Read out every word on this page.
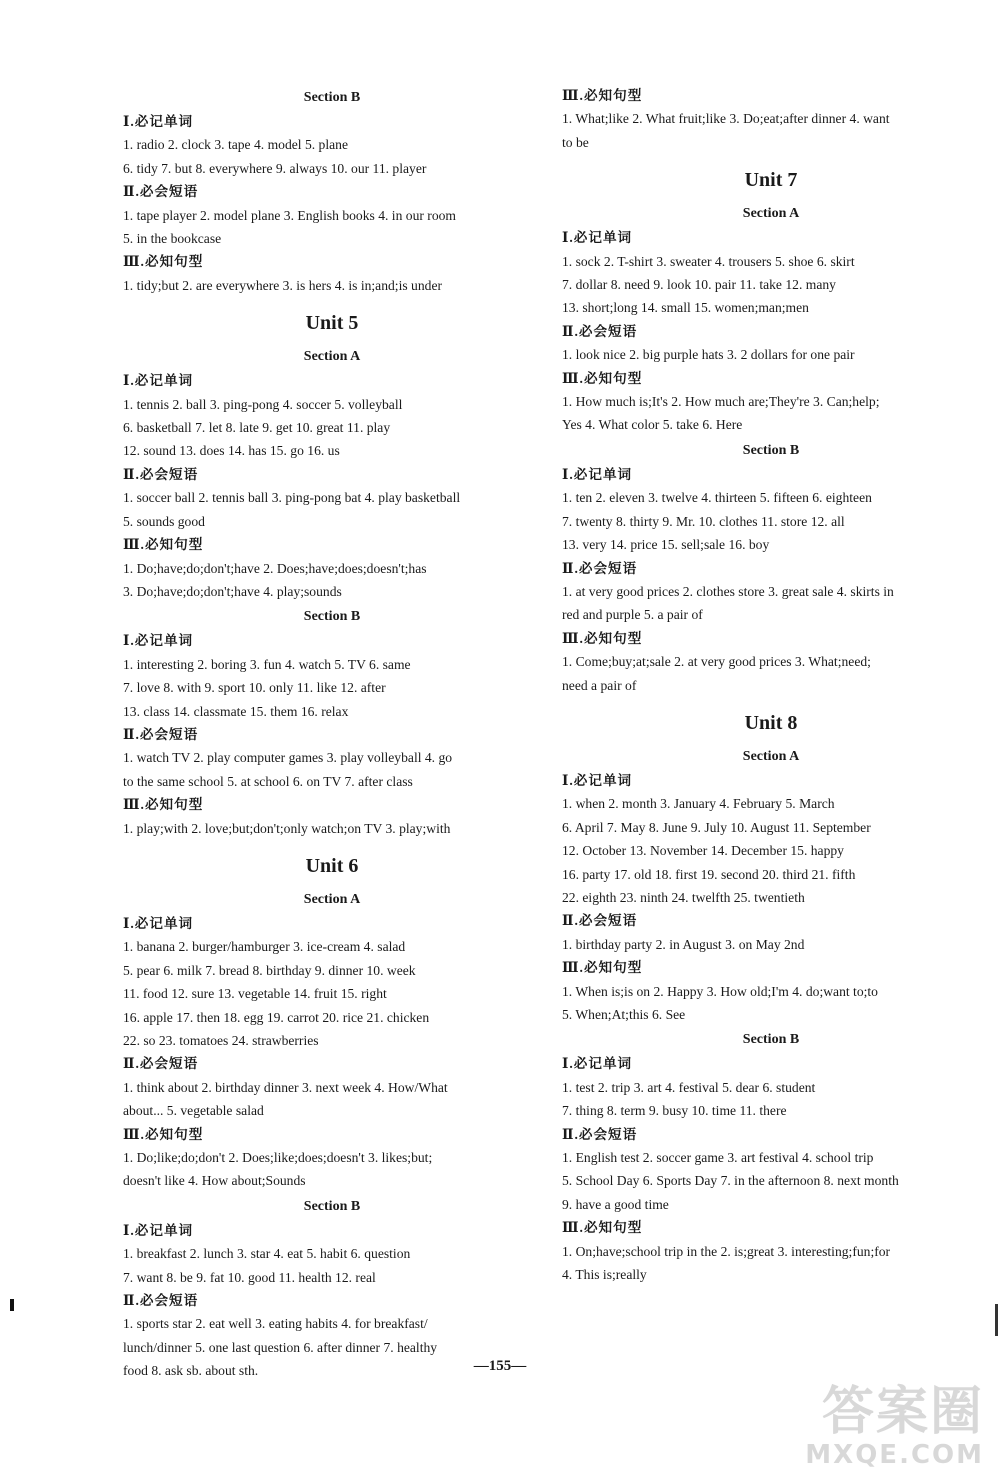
Section B
Ⅰ.必记单词
1. radio 2. clock 3. tape 4. model 5. plane
6. tidy 7. but 8. everywhere 9. always 10. our 11. player
Ⅱ.必会短语
1. tape player 2. model plane 3. English books 4. in our room
5. in the bookcase
Ⅲ.必知句型
1. tidy;but 2. are everywhere 3. is hers 4. is in;and;is under
Unit 5
Section A
Ⅰ.必记单词
1. tennis 2. ball 3. ping-pong 4. soccer 5. volleyball
6. basketball 7. let 8. late 9. get 10. great 11. play
12. sound 13. does 14. has 15. go 16. us
Ⅱ.必会短语
1. soccer ball 2. tennis ball 3. ping-pong bat 4. play basketball
5. sounds good
Ⅲ.必知句型
1. Do;have;do;don't;have 2. Does;have;does;doesn't;has
3. Do;have;do;don't;have 4. play;sounds
Section B
Ⅰ.必记单词
1. interesting 2. boring 3. fun 4. watch 5. TV 6. same
7. love 8. with 9. sport 10. only 11. like 12. after
13. class 14. classmate 15. them 16. relax
Ⅱ.必会短语
1. watch TV 2. play computer games 3. play volleyball 4. go
to the same school 5. at school 6. on TV 7. after class
Ⅲ.必知句型
1. play;with 2. love;but;don't;only watch;on TV 3. play;with
Unit 6
Section A
Ⅰ.必记单词
1. banana 2. burger/hamburger 3. ice-cream 4. salad
5. pear 6. milk 7. bread 8. birthday 9. dinner 10. week
11. food 12. sure 13. vegetable 14. fruit 15. right
16. apple 17. then 18. egg 19. carrot 20. rice 21. chicken
22. so 23. tomatoes 24. strawberries
Ⅱ.必会短语
1. think about 2. birthday dinner 3. next week 4. How/What
about... 5. vegetable salad
Ⅲ.必知句型
1. Do;like;do;don't 2. Does;like;does;doesn't 3. likes;but;
doesn't like 4. How about;Sounds
Section B
Ⅰ.必记单词
1. breakfast 2. lunch 3. star 4. eat 5. habit 6. question
7. want 8. be 9. fat 10. good 11. health 12. real
Ⅱ.必会短语
1. sports star 2. eat well 3. eating habits 4. for breakfast/
lunch/dinner 5. one last question 6. after dinner 7. healthy
food 8. ask sb. about sth.
Ⅲ.必知句型
1. What;like 2. What fruit;like 3. Do;eat;after dinner 4. want
to be
Unit 7
Section A
Ⅰ.必记单词
1. sock 2. T-shirt 3. sweater 4. trousers 5. shoe 6. skirt
7. dollar 8. need 9. look 10. pair 11. take 12. many
13. short;long 14. small 15. women;man;men
Ⅱ.必会短语
1. look nice 2. big purple hats 3. 2 dollars for one pair
Ⅲ.必知句型
1. How much is;It's 2. How much are;They're 3. Can;help;
Yes 4. What color 5. take 6. Here
Section B
Ⅰ.必记单词
1. ten 2. eleven 3. twelve 4. thirteen 5. fifteen 6. eighteen
7. twenty 8. thirty 9. Mr. 10. clothes 11. store 12. all
13. very 14. price 15. sell;sale 16. boy
Ⅱ.必会短语
1. at very good prices 2. clothes store 3. great sale 4. skirts in
red and purple 5. a pair of
Ⅲ.必知句型
1. Come;buy;at;sale 2. at very good prices 3. What;need;
need a pair of
Unit 8
Section A
Ⅰ.必记单词
1. when 2. month 3. January 4. February 5. March
6. April 7. May 8. June 9. July 10. August 11. September
12. October 13. November 14. December 15. happy
16. party 17. old 18. first 19. second 20. third 21. fifth
22. eighth 23. ninth 24. twelfth 25. twentieth
Ⅱ.必会短语
1. birthday party 2. in August 3. on May 2nd
Ⅲ.必知句型
1. When is;is on 2. Happy 3. How old;I'm 4. do;want to;to
5. When;At;this 6. See
Section B
Ⅰ.必记单词
1. test 2. trip 3. art 4. festival 5. dear 6. student
7. thing 8. term 9. busy 10. time 11. there
Ⅱ.必会短语
1. English test 2. soccer game 3. art festival 4. school trip
5. School Day 6. Sports Day 7. in the afternoon 8. next month
9. have a good time
Ⅲ.必知句型
1. On;have;school trip in the 2. is;great 3. interesting;fun;for
4. This is;really
—155—
答案圈
MXQE.COM
